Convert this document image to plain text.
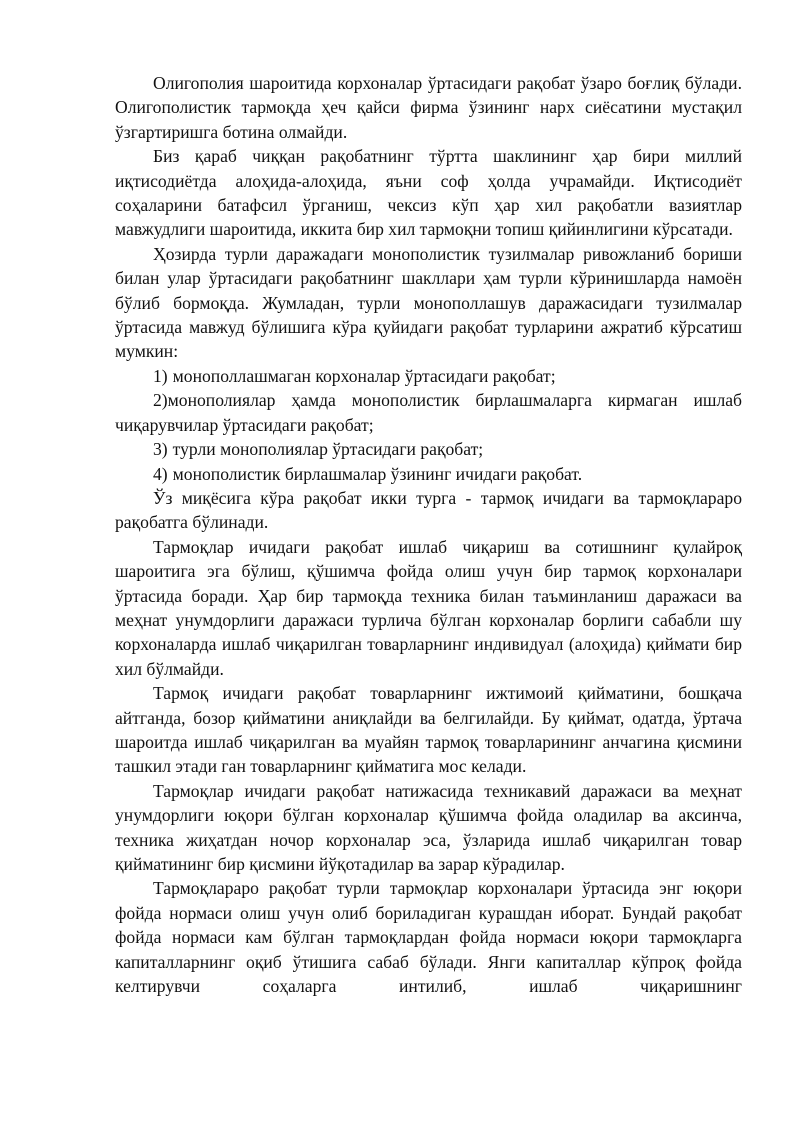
Олигополия шароитида корхоналар ўртасидаги рақобат ўзаро боғлиқ бўлади. Олигополистик тармоқда ҳеч қайси фирма ўзининг нарх сиёсатини мустақил ўзгартиришга ботина олмайди.

Биз қараб чиққан рақобатнинг тўртта шаклининг ҳар бири миллий иқтисодиётда алоҳида-алоҳида, яъни соф ҳолда учрамайди. Иқтисодиёт соҳаларини батафсил ўрганиш, чексиз кўп ҳар хил рақобатли вазиятлар мавжудлиги шароитида, иккита бир хил тармоқни топиш қийинлигини кўрсатади.

Ҳозирда турли даражадаги монополистик тузилмалар ривожланиб бориши билан улар ўртасидаги рақобатнинг шакллари ҳам турли кўринишларда намоён бўлиб бормоқда. Жумладан, турли монополлашув даражасидаги тузилмалар ўртасида мавжуд бўлишига кўра қуйидаги рақобат турларини ажратиб кўрсатиш мумкин:

1) монополлашмаган корхоналар ўртасидаги рақобат;

2)монополиялар ҳамда монополистик бирлашмаларга кирмаган ишлаб чиқарувчилар ўртасидаги рақобат;

3) турли монополиялар ўртасидаги рақобат;

4) монополистик бирлашмалар ўзининг ичидаги рақобат.

Ўз миқёсига кўра рақобат икки турга - тармоқ ичидаги ва тармоқлараро рақобатга бўлинади.

Тармоқлар ичидаги рақобат ишлаб чиқариш ва сотишнинг қулайроқ шароитига эга бўлиш, қўшимча фойда олиш учун бир тармоқ корхоналари ўртасида боради. Ҳар бир тармоқда техника билан таъминланиш даражаси ва меҳнат унумдорлиги даражаси турлича бўлган корхоналар борлиги сабабли шу корхоналарда ишлаб чиқарилган товарларнинг индивидуал (алоҳида) қиймати бир хил бўлмайди.

Тармоқ ичидаги рақобат товарларнинг ижтимоий қийматини, бошқача айтганда, бозор қийматини аниқлайди ва белгилайди. Бу қиймат, одатда, ўртача шароитда ишлаб чиқарилган ва муайян тармоқ товарларининг анчагина қисмини ташкил этади ган товарларнинг қийматига мос келади.

Тармоқлар ичидаги рақобат натижасида техникавий даражаси ва меҳнат унумдорлиги юқори бўлган корхоналар қўшимча фойда оладилар ва аксинча, техника жиҳатдан ночор корхоналар эса, ўзларида ишлаб чиқарилган товар қийматининг бир қисмини йўқотадилар ва зарар кўрадилар.

Тармоқлараро рақобат турли тармоқлар корхоналари ўртасида энг юқори фойда нормаси олиш учун олиб бориладиган курашдан иборат. Бундай рақобат фойда нормаси кам бўлган тармоқлардан фойда нормаси юқори тармоқларга капиталларнинг оқиб ўтишига сабаб бўлади. Янги капиталлар кўпроқ фойда келтирувчи соҳаларга интилиб, ишлаб чиқаришнинг
